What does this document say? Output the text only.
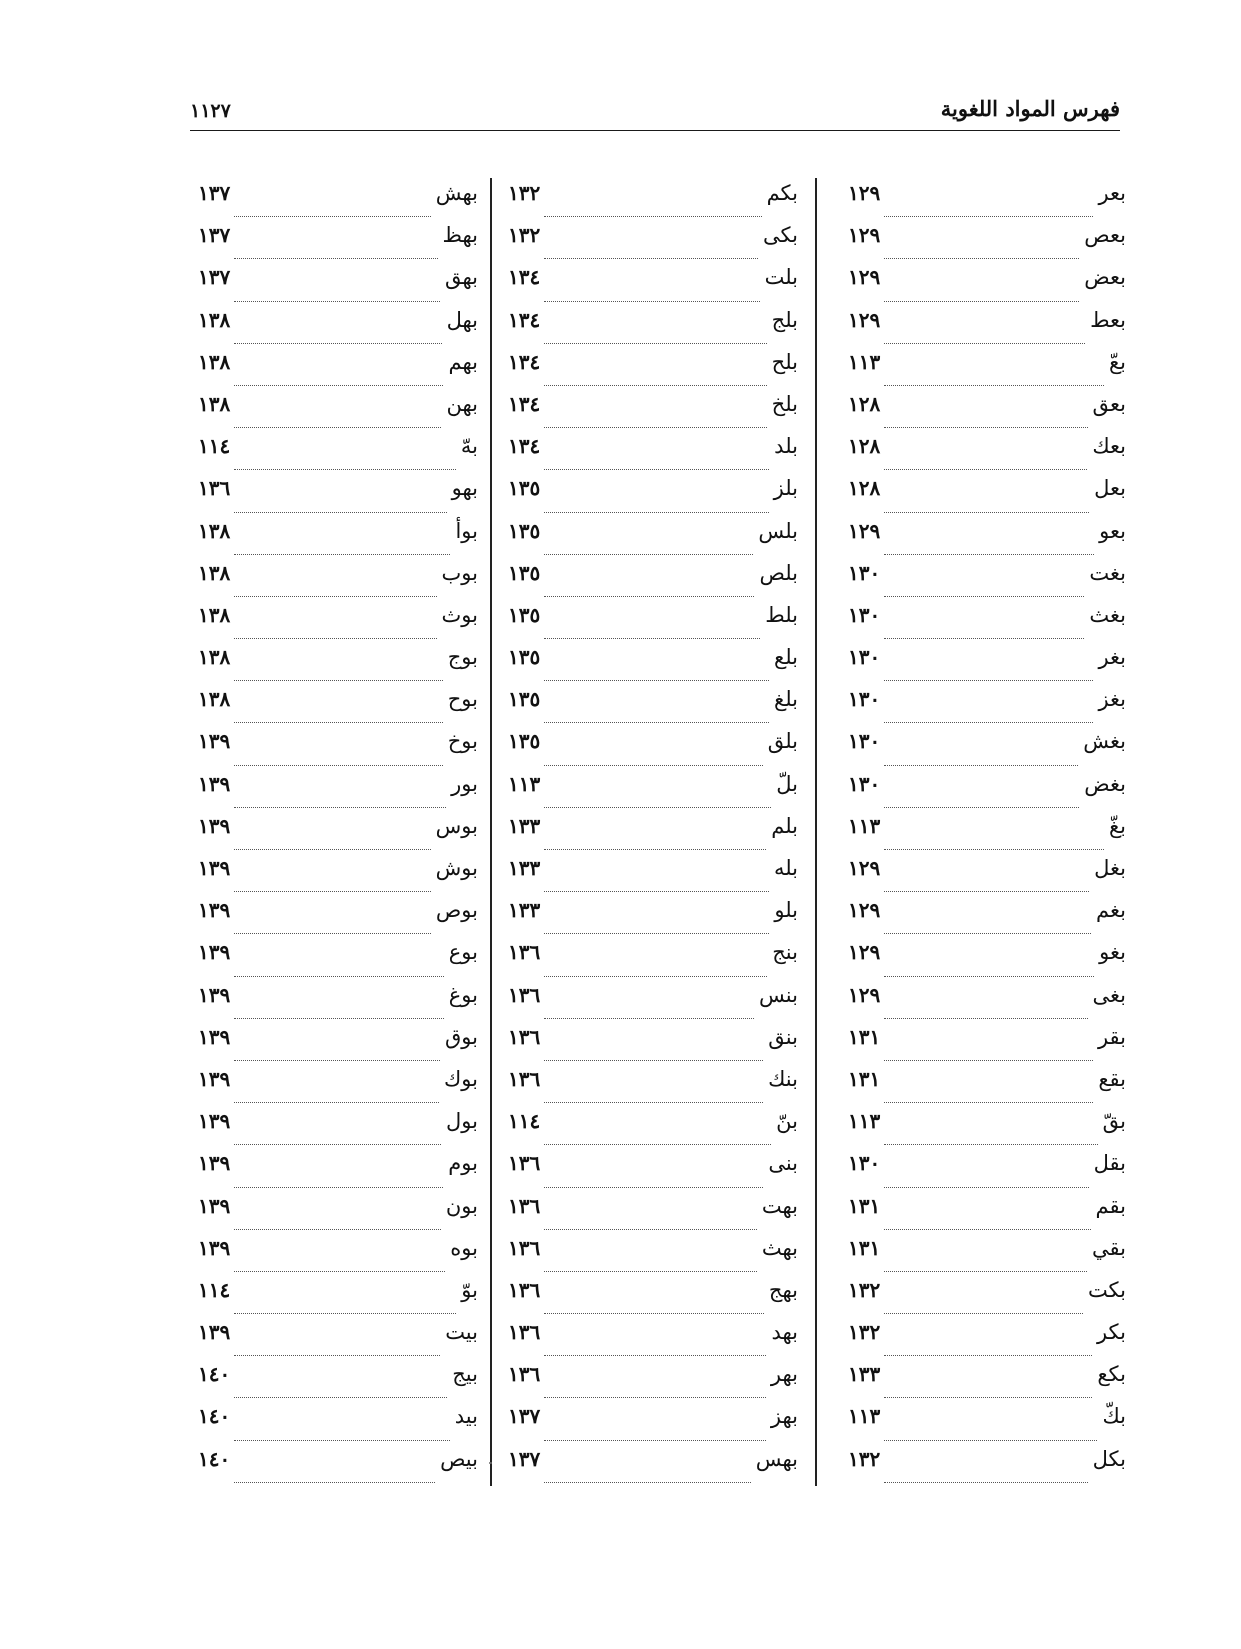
١١٢٧	فهرس المواد اللغوية
بعر
١٢٩
بعص
١٢٩
بعض
١٢٩
بعط
١٢٩
بعّ
١١٣
بعق
١٢٨
بعك
١٢٨
بعل
١٢٨
بعو
١٢٩
بغت
١٣٠
بغث
١٣٠
بغر
١٣٠
بغز
١٣٠
بغش
١٣٠
بغض
١٣٠
بغّ
١١٣
بغل
١٢٩
بغم
١٢٩
بغو
١٢٩
بغى
١٢٩
بقر
١٣١
بقع
١٣١
بقّ
١١٣
بقل
١٣٠
بقم
١٣١
بقي
١٣١
بكت
١٣٢
بكر
١٣٢
بكع
١٣٣
بكّ
١١٣
بكل
١٣٢
بكم
١٣٢
بكى
١٣٢
بلت
١٣٤
بلج
١٣٤
بلح
١٣٤
بلخ
١٣٤
بلد
١٣٤
بلز
١٣٥
بلس
١٣٥
بلص
١٣٥
بلط
١٣٥
بلع
١٣٥
بلغ
١٣٥
بلق
١٣٥
بلّ
١١٣
بلم
١٣٣
بله
١٣٣
بلو
١٣٣
بنج
١٣٦
بنس
١٣٦
بنق
١٣٦
بنك
١٣٦
بنّ
١١٤
بنى
١٣٦
بهت
١٣٦
بهث
١٣٦
بهج
١٣٦
بهد
١٣٦
بهر
١٣٦
بهز
١٣٧
بهس
١٣٧
بهش
١٣٧
بهظ
١٣٧
بهق
١٣٧
بهل
١٣٨
بهم
١٣٨
بهن
١٣٨
بهّ
١١٤
بهو
١٣٦
بوأ
١٣٨
بوب
١٣٨
بوث
١٣٨
بوج
١٣٨
بوح
١٣٨
بوخ
١٣٩
بور
١٣٩
بوس
١٣٩
بوش
١٣٩
بوص
١٣٩
بوع
١٣٩
بوغ
١٣٩
بوق
١٣٩
بوك
١٣٩
بول
١٣٩
بوم
١٣٩
بون
١٣٩
بوه
١٣٩
بوّ
١١٤
بيت
١٣٩
بيج
١٤٠
بيد
١٤٠
بيص
١٤٠
